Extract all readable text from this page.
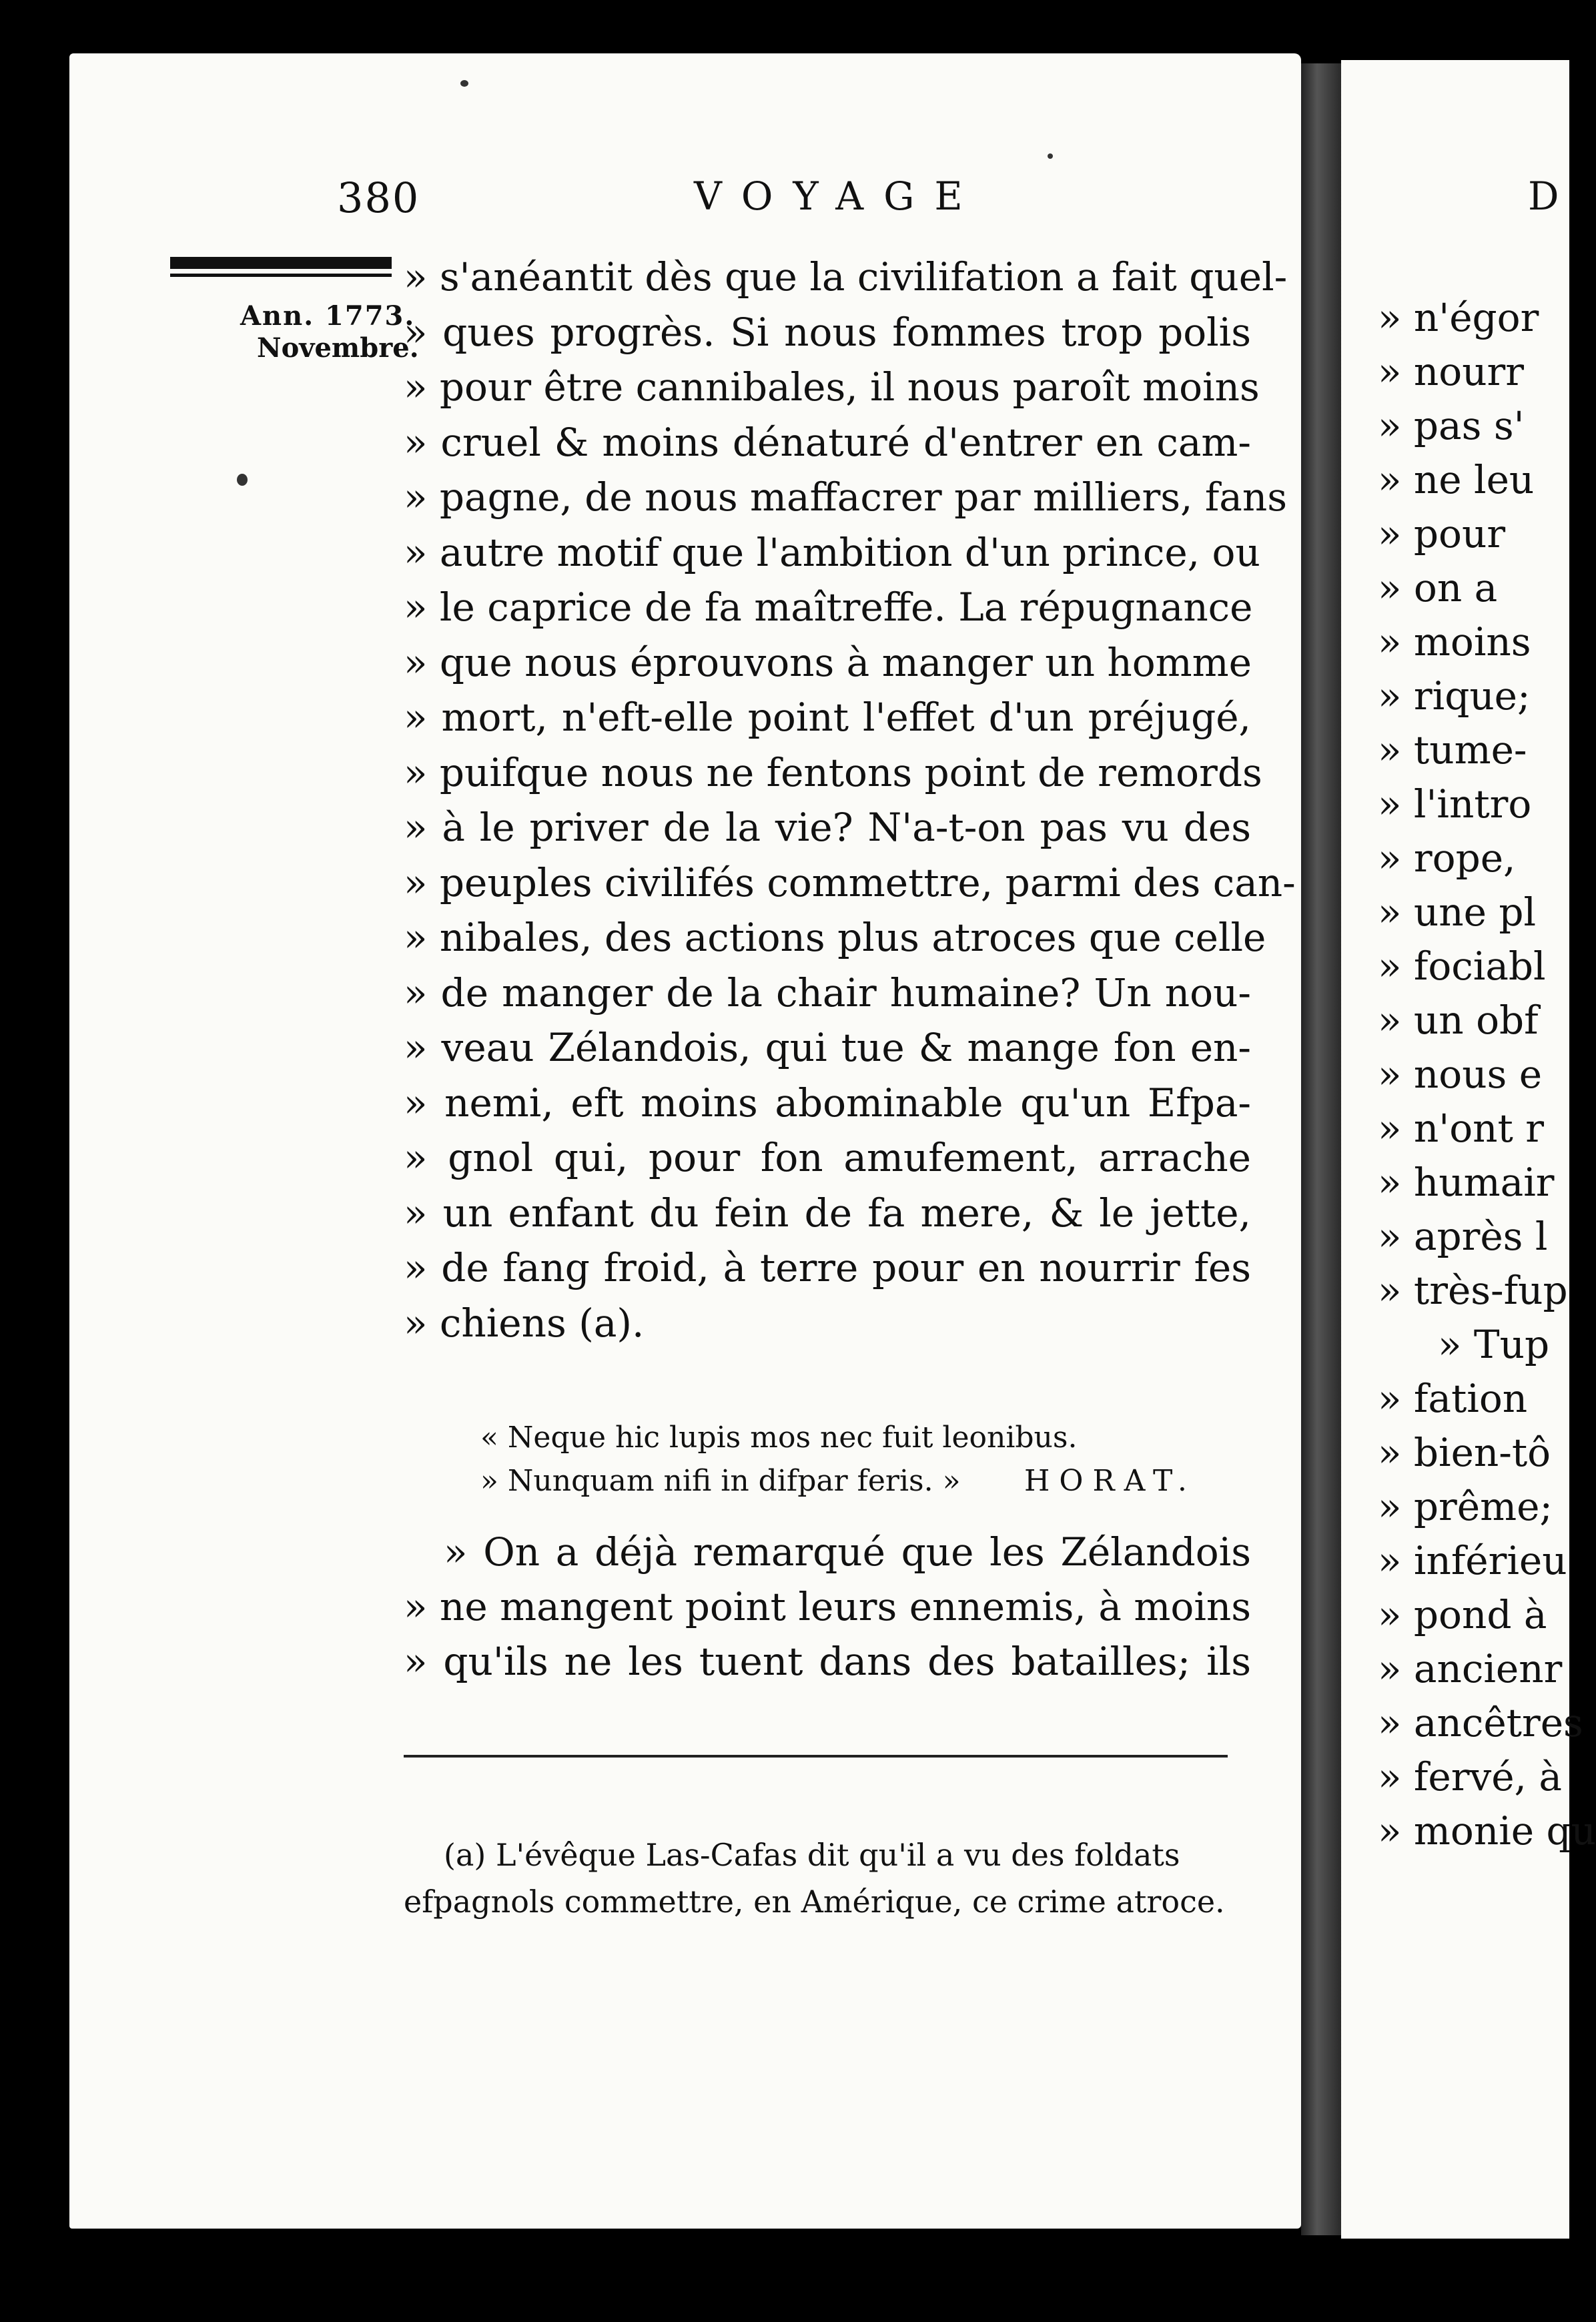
380	VOYAGE
Ann. 1773.
Novembre.
» s'anéantit dès que la civilifation a fait quel-
» ques progrès. Si nous fommes trop polis
» pour être cannibales, il nous paroît moins
» cruel & moins dénaturé d'entrer en cam-
» pagne, de nous maffacrer par milliers, fans
» autre motif que l'ambition d'un prince, ou
» le caprice de fa maîtreffe. La répugnance
» que nous éprouvons à manger un homme
» mort, n'eft-elle point l'effet d'un préjugé,
» puifque nous ne fentons point de remords
» à le priver de la vie? N'a-t-on pas vu des
» peuples civilifés commettre, parmi des can-
» nibales, des actions plus atroces que celle
» de manger de la chair humaine? Un nou-
» veau Zélandois, qui tue & mange fon en-
» nemi, eft moins abominable qu'un Efpa-
» gnol qui, pour fon amufement, arrache
» un enfant du fein de fa mere, & le jette,
» de fang froid, à terre pour en nourrir fes
» chiens (a).
« Neque hic lupis mos nec fuit leonibus.
» Nunquam nifi in difpar feris. » HORAT.
» On a déjà remarqué que les Zélandois
» ne mangent point leurs ennemis, à moins
» qu'ils ne les tuent dans des batailles; ils
(a) L'évêque Las-Cafas dit qu'il a vu des foldats
efpagnols commettre, en Amérique, ce crime atroce.
D
» n'égor
» nourr
» pas s'
» ne leu
» pour
» on a
» moins
» rique;
» tume-
» l'intro
» rope,
» une pl
» fociabl
» un obf
» nous e
» n'ont r
» humair
» après l
» très-fup
» Tup
» fation
» bien-tô
» prême;
» inférieu
» pond à
» ancienr
» ancêtres
» fervé, à
» monie qu
